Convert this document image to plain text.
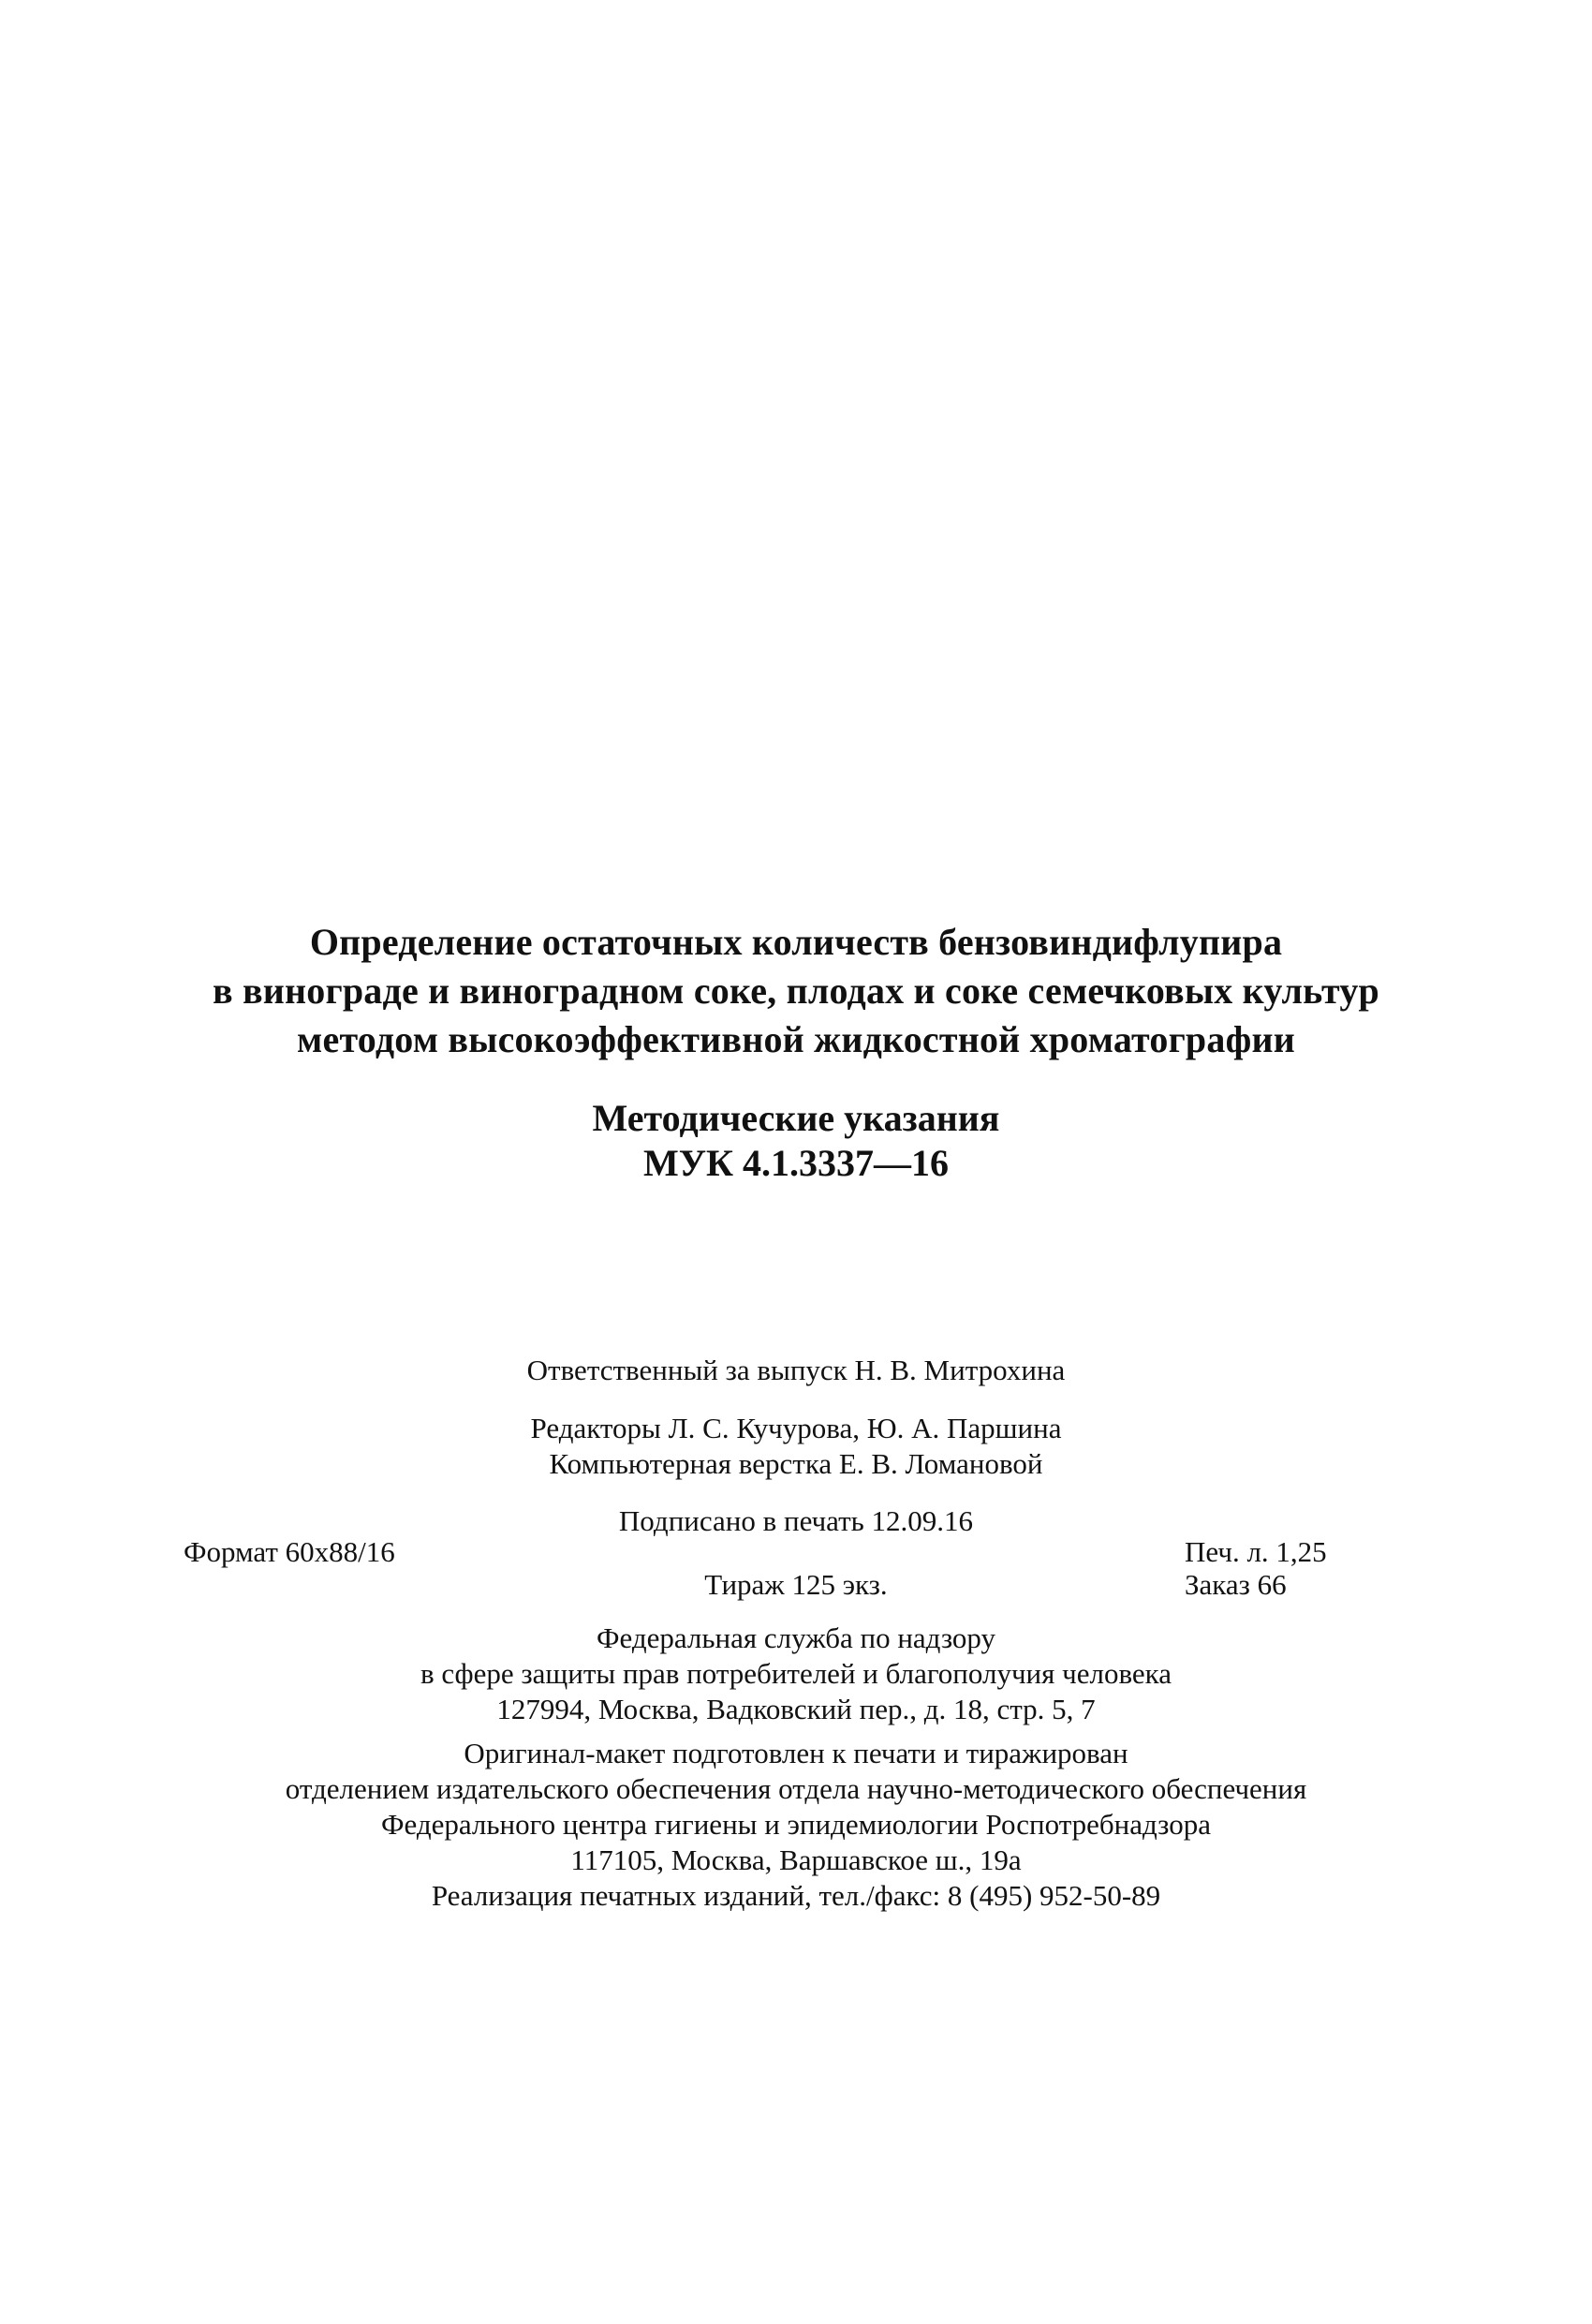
Определение остаточных количеств бензовиндифлупира
в винограде и виноградном соке, плодах и соке семечковых культур
методом высокоэффективной жидкостной хроматографии
Методические указания
МУК 4.1.3337—16
Ответственный за выпуск Н. В. Митрохина
Редакторы Л. С. Кучурова, Ю. А. Паршина
Компьютерная верстка Е. В. Ломановой
Подписано в печать 12.09.16
Формат 60x88/16	Печ. л. 1,25
Тираж 125 экз.	Заказ 66
Федеральная служба по надзору
в сфере защиты прав потребителей и благополучия человека
127994, Москва, Вадковский пер., д. 18, стр. 5, 7
Оригинал-макет подготовлен к печати и тиражирован
отделением издательского обеспечения отдела научно-методического обеспечения
Федерального центра гигиены и эпидемиологии Роспотребнадзора
117105, Москва, Варшавское ш., 19а
Реализация печатных изданий, тел./факс: 8 (495) 952-50-89
